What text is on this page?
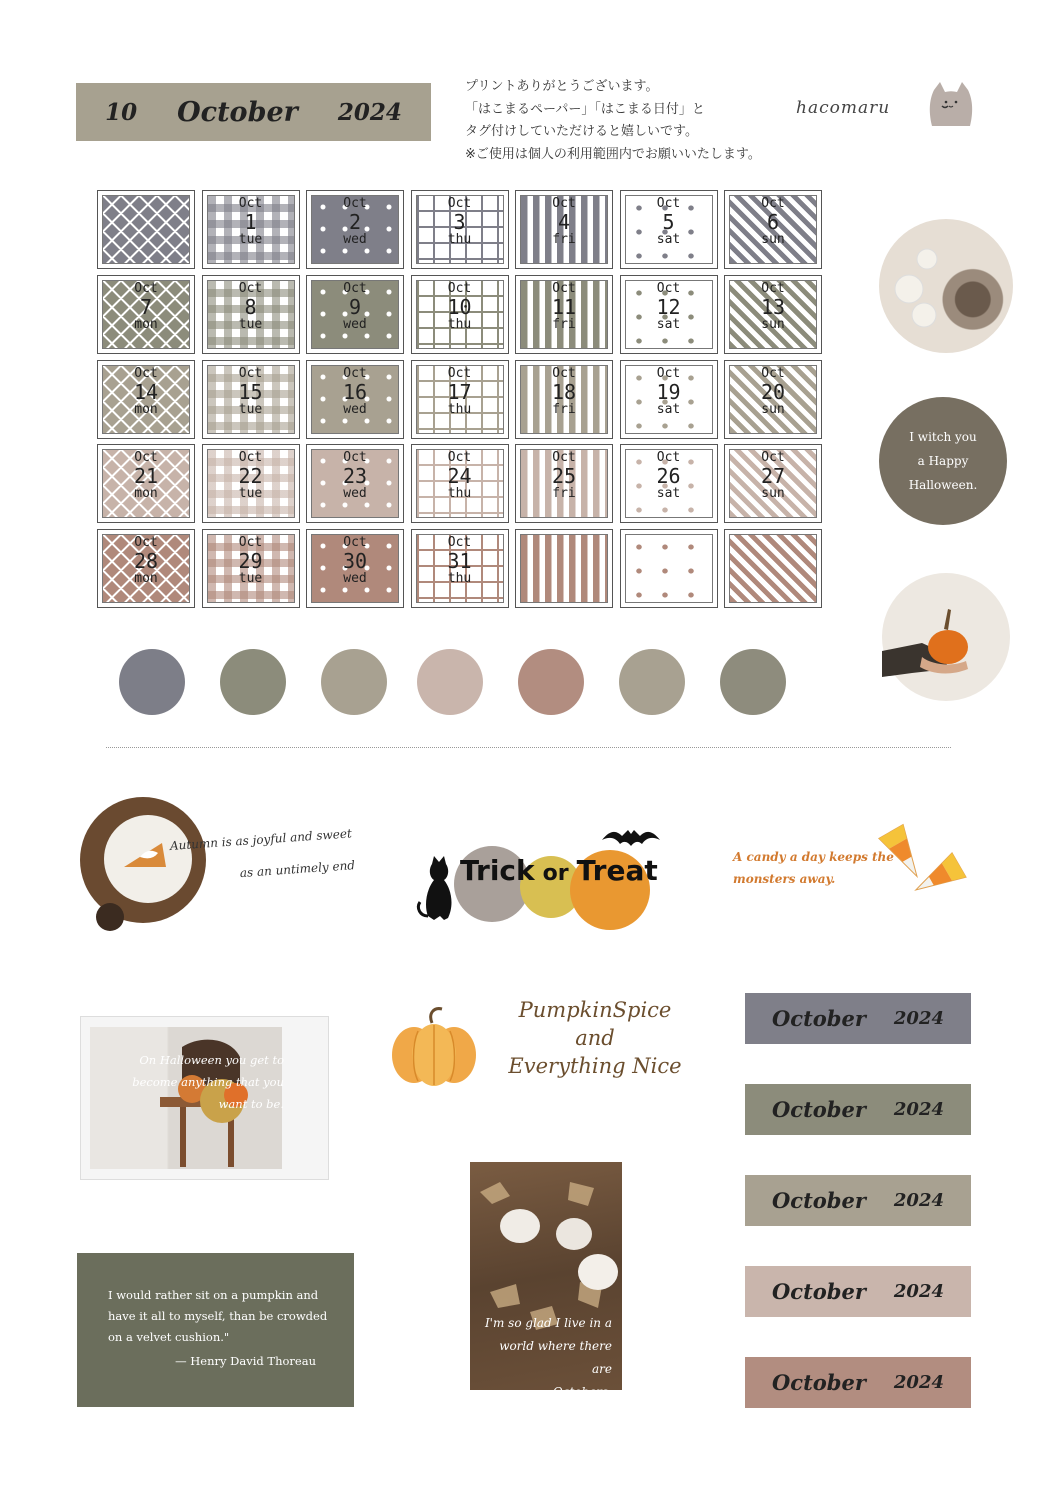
10 October 2024
プリントありがとうございます。
「はこまるペーパー」「はこまる日付」と
タグ付けしていただけると嬉しいです。
※ご使用は個人の利用範囲内でお願いいたします。
hacomaru
Oct
1
tue
Oct
2
wed
Oct
3
thu
Oct
4
fri
Oct
5
sat
Oct
6
sun
Oct
7
mon
Oct
8
tue
Oct
9
wed
Oct
10
thu
Oct
11
fri
Oct
12
sat
Oct
13
sun
Oct
14
mon
Oct
15
tue
Oct
16
wed
Oct
17
thu
Oct
18
fri
Oct
19
sat
Oct
20
sun
Oct
21
mon
Oct
22
tue
Oct
23
wed
Oct
24
thu
Oct
25
fri
Oct
26
sat
Oct
27
sun
Oct
28
mon
Oct
29
tue
Oct
30
wed
Oct
31
thu
I witch you
a Happy
Halloween.
Autumn is as joyful and sweet
as an untimely end	Trick or Treat	A candy a day keeps the
monsters away.
On Halloween you get to
become anything that you
want to be.
PumpkinSpice
and
Everything Nice
October 2024
October 2024
October 2024
October 2024
October 2024
I would rather sit on a pumpkin and
have it all to myself, than be crowded
on a velvet cushion."
— Henry David Thoreau
I'm so glad I live in a
world where there are
Octobers.
